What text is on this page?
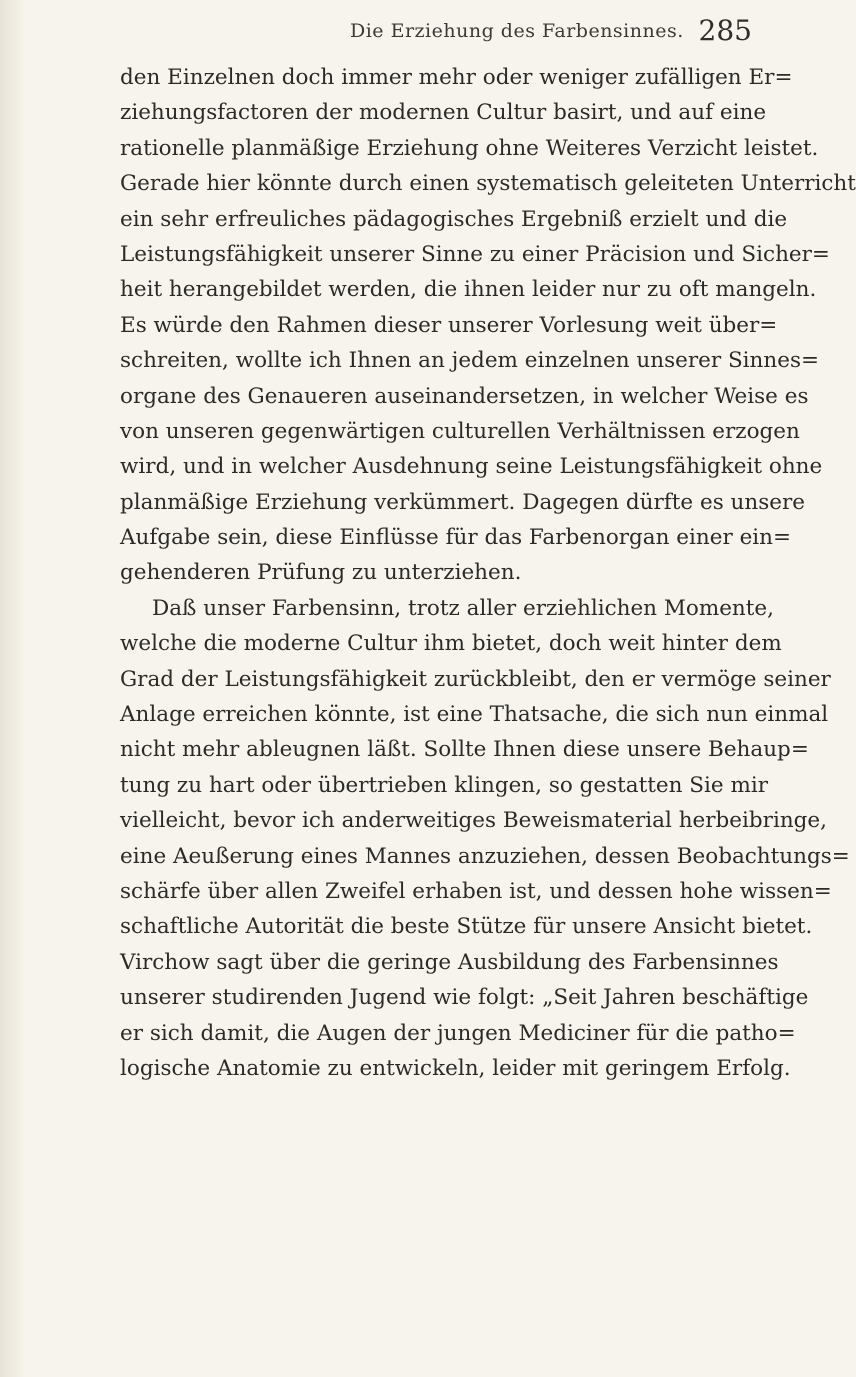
Die Erziehung des Farbensinnes. 285
den Einzelnen doch immer mehr oder weniger zufälligen Er=
ziehungsfactoren der modernen Cultur basirt, und auf eine
rationelle planmäßige Erziehung ohne Weiteres Verzicht leistet.
Gerade hier könnte durch einen systematisch geleiteten Unterricht
ein sehr erfreuliches pädagogisches Ergebniß erzielt und die
Leistungsfähigkeit unserer Sinne zu einer Präcision und Sicher=
heit herangebildet werden, die ihnen leider nur zu oft mangeln.
Es würde den Rahmen dieser unserer Vorlesung weit über=
schreiten, wollte ich Ihnen an jedem einzelnen unserer Sinnes=
organe des Genaueren auseinandersetzen, in welcher Weise es
von unseren gegenwärtigen culturellen Verhältnissen erzogen
wird, und in welcher Ausdehnung seine Leistungsfähigkeit ohne
planmäßige Erziehung verkümmert. Dagegen dürfte es unsere
Aufgabe sein, diese Einflüsse für das Farbenorgan einer ein=
gehenderen Prüfung zu unterziehen.
Daß unser Farbensinn, trotz aller erziehlichen Momente,
welche die moderne Cultur ihm bietet, doch weit hinter dem
Grad der Leistungsfähigkeit zurückbleibt, den er vermöge seiner
Anlage erreichen könnte, ist eine Thatsache, die sich nun einmal
nicht mehr ableugnen läßt. Sollte Ihnen diese unsere Behaup=
tung zu hart oder übertrieben klingen, so gestatten Sie mir
vielleicht, bevor ich anderweitiges Beweismaterial herbeibringe,
eine Aeußerung eines Mannes anzuziehen, dessen Beobachtungs=
schärfe über allen Zweifel erhaben ist, und dessen hohe wissen=
schaftliche Autorität die beste Stütze für unsere Ansicht bietet.
Virchow sagt über die geringe Ausbildung des Farbensinnes
unserer studirenden Jugend wie folgt: „Seit Jahren beschäftige
er sich damit, die Augen der jungen Mediciner für die patho=
logische Anatomie zu entwickeln, leider mit geringem Erfolg.
